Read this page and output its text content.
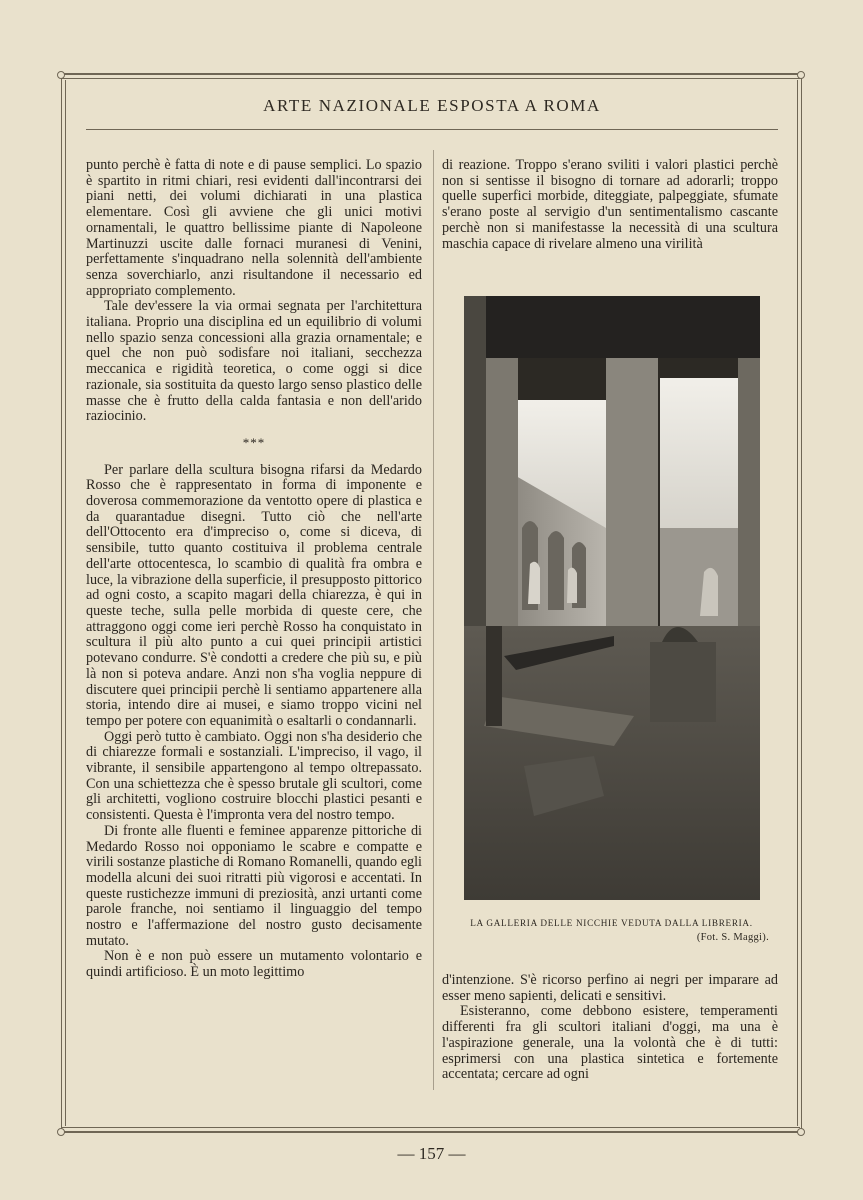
ARTE NAZIONALE ESPOSTA A ROMA

punto perchè è fatta di note e di pause semplici. Lo spazio è spartito in ritmi chiari, resi evidenti dall'incontrarsi dei piani netti, dei volumi dichiarati in una plastica elementare. Così gli avviene che gli unici motivi ornamentali, le quattro bellissime piante di Napoleone Martinuzzi uscite dalle fornaci muranesi di Venini, perfettamente s'inquadrano nella solennità dell'ambiente senza soverchiarlo, anzi risultandone il necessario ed appropriato complemento.

Tale dev'essere la via ormai segnata per l'architettura italiana. Proprio una disciplina ed un equilibrio di volumi nello spazio senza concessioni alla grazia ornamentale; e quel che non può sodisfare noi italiani, secchezza meccanica e rigidità teoretica, o come oggi si dice razionale, sia sostituita da questo largo senso plastico delle masse che è frutto della calda fantasia e non dell'arido raziocinio.

***

Per parlare della scultura bisogna rifarsi da Medardo Rosso che è rappresentato in forma di imponente e doverosa commemorazione da ventotto opere di plastica e da quarantadue disegni. Tutto ciò che nell'arte dell'Ottocento era d'impreciso o, come si diceva, di sensibile, tutto quanto costituiva il problema centrale dell'arte ottocentesca, lo scambio di qualità fra ombra e luce, la vibrazione della superficie, il presupposto pittorico ad ogni costo, a scapito magari della chiarezza, è qui in queste teche, sulla pelle morbida di queste cere, che attraggono oggi come ieri perchè Rosso ha conquistato in scultura il più alto punto a cui quei principii artistici potevano condurre. S'è condotti a credere che più su, e più là non si poteva andare. Anzi non s'ha voglia neppure di discutere quei principii perchè li sentiamo appartenere alla storia, intendo dire ai musei, e siamo troppo vicini nel tempo per potere con equanimità o esaltarli o condannarli.

Oggi però tutto è cambiato. Oggi non s'ha desiderio che di chiarezze formali e sostanziali. L'impreciso, il vago, il vibrante, il sensibile appartengono al tempo oltrepassato. Con una schiettezza che è spesso brutale gli scultori, come gli architetti, vogliono costruire blocchi plastici pesanti e consistenti. Questa è l'impronta vera del nostro tempo.

Di fronte alle fluenti e feminee apparenze pittoriche di Medardo Rosso noi opponiamo le scabre e compatte e virili sostanze plastiche di Romano Romanelli, quando egli modella alcuni dei suoi ritratti più vigorosi e accentati. In queste rustichezze immuni di preziosità, anzi urtanti come parole franche, noi sentiamo il linguaggio del tempo nostro e l'affermazione del nostro gusto decisamente mutato.

Non è e non può essere un mutamento volontario e quindi artificioso. È un moto legittimo

di reazione. Troppo s'erano sviliti i valori plastici perchè non si sentisse il bisogno di tornare ad adorarli; troppo quelle superfici morbide, diteggiate, palpeggiate, sfumate s'erano poste al servigio d'un sentimentalismo cascante perchè non si manifestasse la necessità di una scultura maschia capace di rivelare almeno una virilità

LA GALLERIA DELLE NICCHIE VEDUTA DALLA LIBRERIA.
(Fot. S. Maggi).

d'intenzione. S'è ricorso perfino ai negri per imparare ad esser meno sapienti, delicati e sensitivi.

Esisteranno, come debbono esistere, temperamenti differenti fra gli scultori italiani d'oggi, ma una è l'aspirazione generale, una la volontà che è di tutti: esprimersi con una plastica sintetica e fortemente accentata; cercare ad ogni

— 157 —
